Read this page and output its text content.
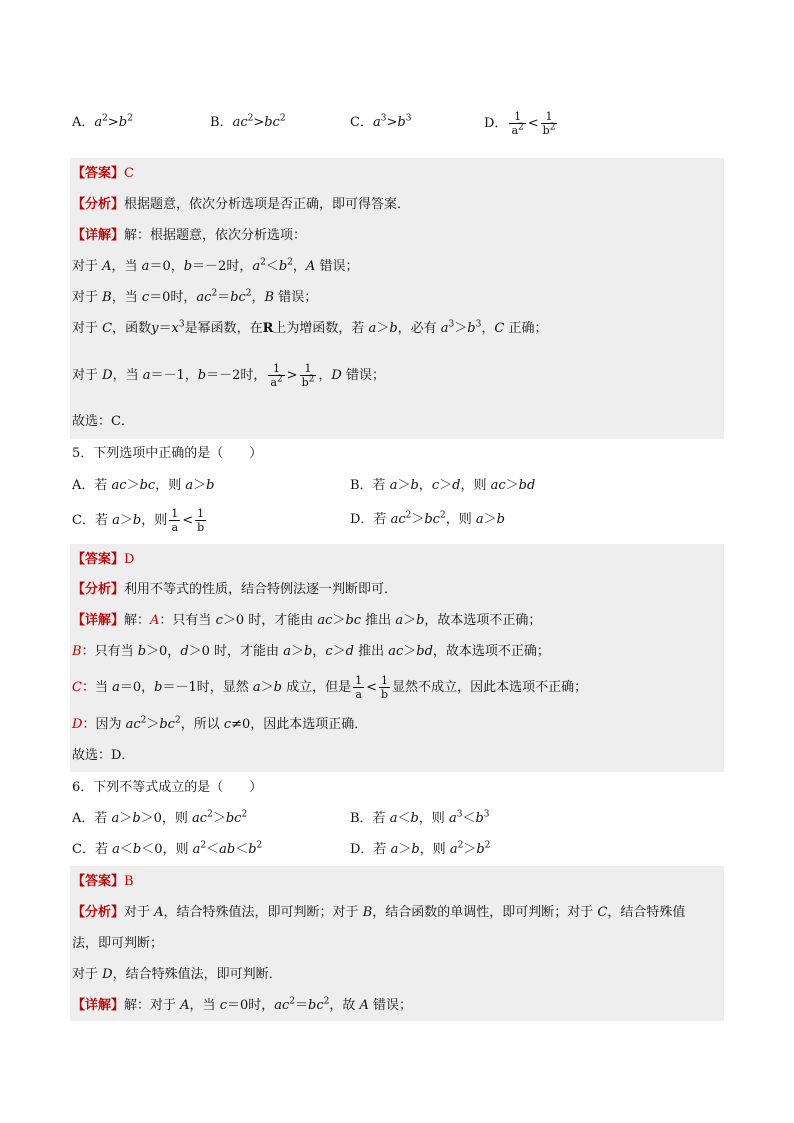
A．$a^2>b^2$	B．$ac^2>bc^2$	C．$a^3>b^3$	D． $\frac{1}{a^2} < \frac{1}{b^2}$
【答案】C
【分析】根据题意，依次分析选项是否正确，即可得答案．
【详解】解：根据题意，依次分析选项：
对于 A，当 a＝0，b＝－2时，$a^2<b^2$，A 错误；
对于 B，当 c＝0时，$ac^2=bc^2$，B 错误；
对于 C，函数$y=x^3$是幂函数，在R上为增函数，若 a＞b，必有 $a^3>b^3$，C 正确；
对于 D，当 a＝－1，b＝－2时， $\frac{1}{a^2} > \frac{1}{b^2}$ ，D 错误；
故选：C．
5．下列选项中正确的是（　　）
A．若 ac＞bc，则 a＞b	B．若 a＞b，c＞d，则 ac＞bd
C．若 a＞b，则 $\frac{1}{a} < \frac{1}{b}$	D．若 $ac^2>bc^2$，则 a＞b
【答案】D
【分析】利用不等式的性质，结合特例法逐一判断即可．
【详解】解：A：只有当 c＞0 时，才能由 ac＞bc 推出 a＞b，故本选项不正确；
B：只有当 b＞0，d＞0 时，才能由 a＞b，c＞d 推出 ac＞bd，故本选项不正确；
C：当 a＝0，b＝－1时，显然 a＞b 成立，但是 $\frac{1}{a} < \frac{1}{b}$ 显然不成立，因此本选项不正确；
D：因为 $ac^2>bc^2$，所以 c≠0，因此本选项正确．
故选：D．
6．下列不等式成立的是（　　）
A．若 a＞b＞0，则 $ac^2>bc^2$	B．若 a＜b，则 $a^3<b^3$
C．若 a＜b＜0，则 $a^2<ab<b^2$	D．若 a＞b，则 $a^2>b^2$
【答案】B
【分析】对于 A，结合特殊值法，即可判断；对于 B，结合函数的单调性，即可判断；对于 C，结合特殊值
法，即可判断；
对于 D，结合特殊值法，即可判断．
【详解】解：对于 A，当 c＝0时，$ac^2=bc^2$，故 A 错误；
